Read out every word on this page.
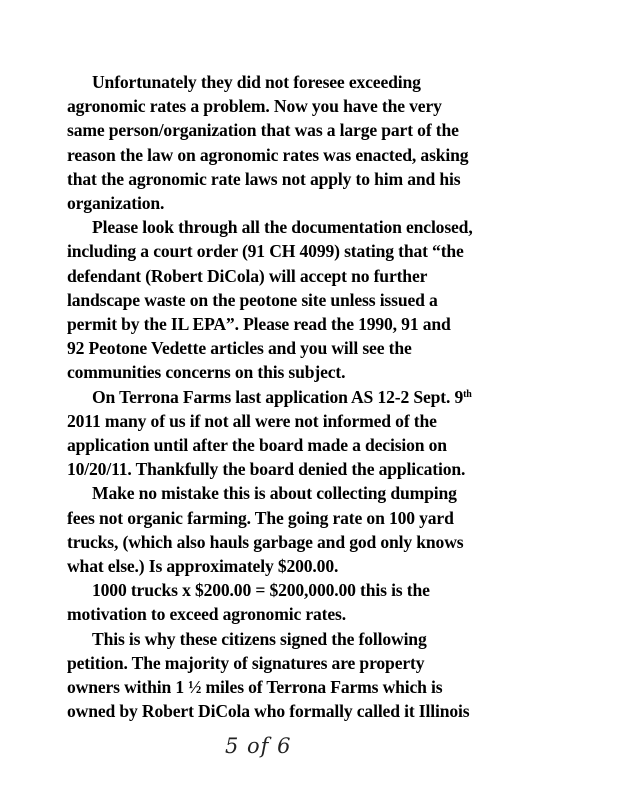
Unfortunately they did not foresee exceeding
agronomic rates a problem. Now you have the very
same person/organization that was a large part of the
reason the law on agronomic rates was enacted, asking
that the agronomic rate laws not apply to him and his
organization.
Please look through all the documentation enclosed,
including a court order (91 CH 4099) stating that “the
defendant (Robert DiCola) will accept no further
landscape waste on the peotone site unless issued a
permit by the IL EPA”. Please read the 1990, 91 and
92 Peotone Vedette articles and you will see the
communities concerns on this subject.
On Terrona Farms last application AS 12-2 Sept. 9th
2011 many of us if not all were not informed of the
application until after the board made a decision on
10/20/11. Thankfully the board denied the application.
Make no mistake this is about collecting dumping
fees not organic farming. The going rate on 100 yard
trucks, (which also hauls garbage and god only knows
what else.) Is approximately $200.00.
1000 trucks x $200.00 = $200,000.00 this is the
motivation to exceed agronomic rates.
This is why these citizens signed the following
petition. The majority of signatures are property
owners within 1 ½ miles of Terrona Farms which is
owned by Robert DiCola who formally called it Illinois
5 of 6
